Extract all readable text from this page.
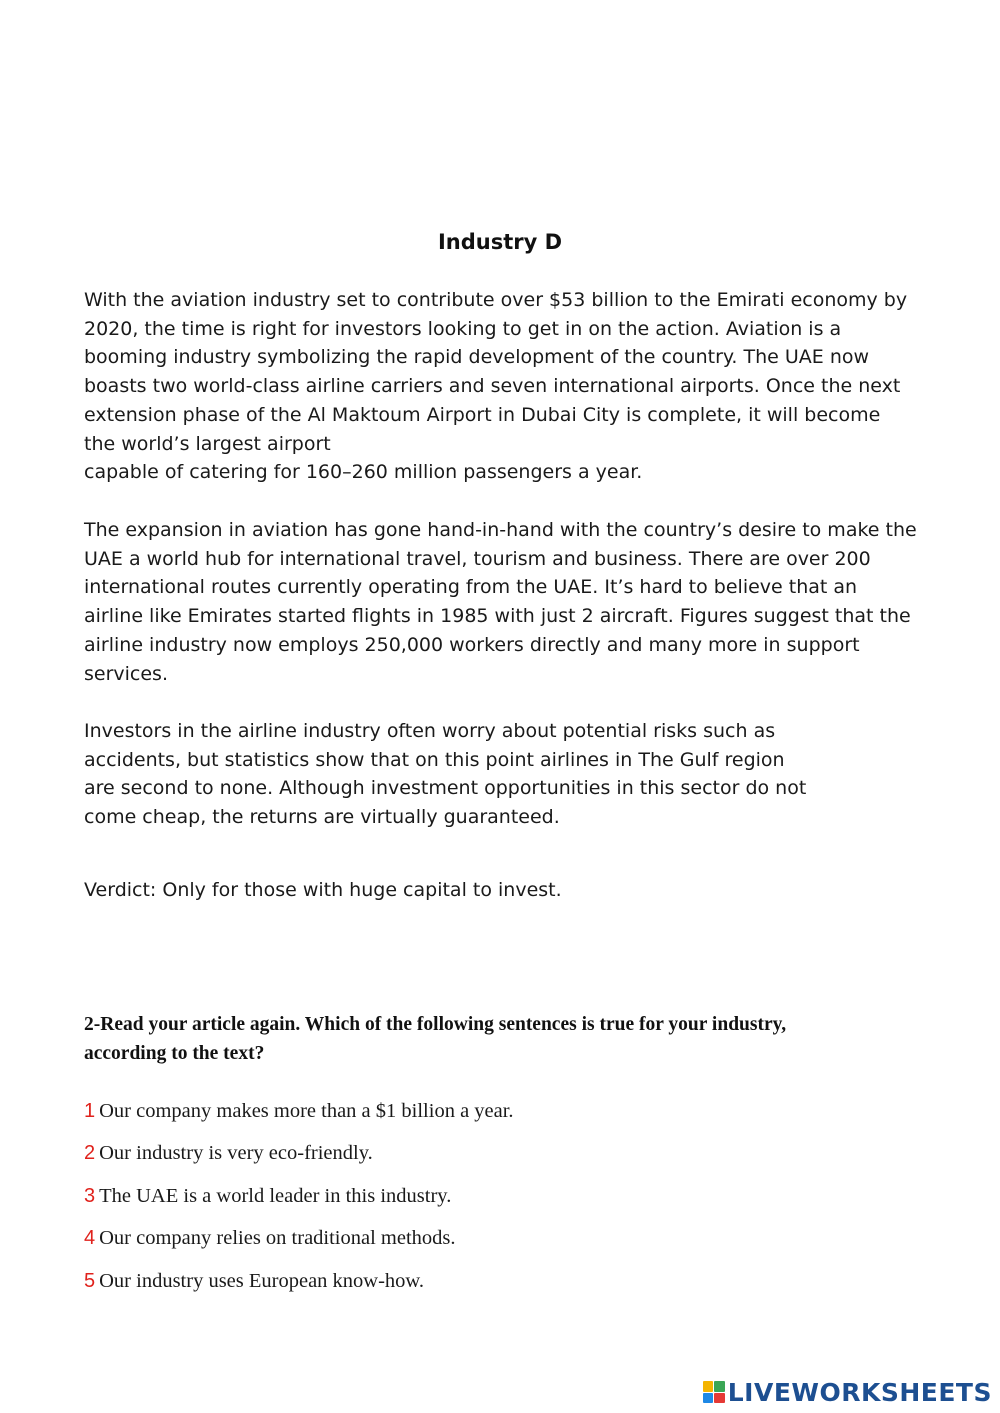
Industry D

With the aviation industry set to contribute over $53 billion to the Emirati economy by
2020, the time is right for investors looking to get in on the action. Aviation is a
booming industry symbolizing the rapid development of the country. The UAE now
boasts two world-class airline carriers and seven international airports. Once the next
extension phase of the Al Maktoum Airport in Dubai City is complete, it will become
the world’s largest airport
capable of catering for 160–260 million passengers a year.

The expansion in aviation has gone hand-in-hand with the country’s desire to make the
UAE a world hub for international travel, tourism and business. There are over 200
international routes currently operating from the UAE. It’s hard to believe that an
airline like Emirates started flights in 1985 with just 2 aircraft. Figures suggest that the
airline industry now employs 250,000 workers directly and many more in support
services.

Investors in the airline industry often worry about potential risks such as
accidents, but statistics show that on this point airlines in The Gulf region
are second to none. Although investment opportunities in this sector do not
come cheap, the returns are virtually guaranteed.

Verdict: Only for those with huge capital to invest.

2-Read your article again. Which of the following sentences is true for your industry,
according to the text?

1 Our company makes more than a $1 billion a year.
2 Our industry is very eco-friendly.
3 The UAE is a world leader in this industry.
4 Our company relies on traditional methods.
5 Our industry uses European know-how.
LIVEWORKSHEETS
